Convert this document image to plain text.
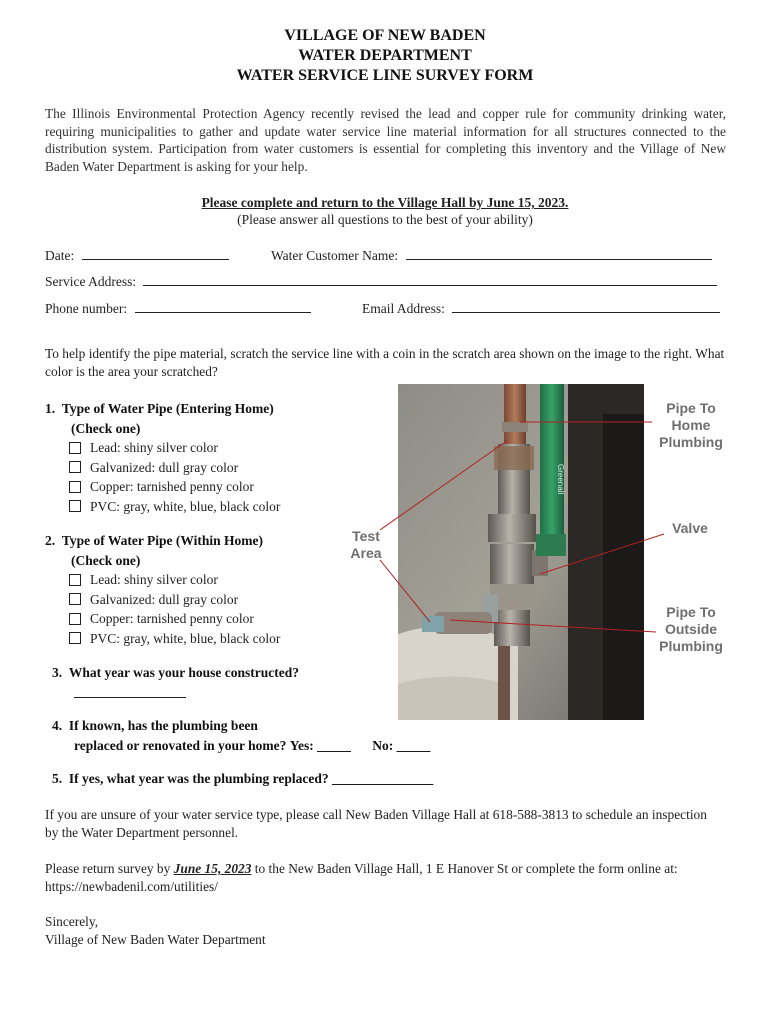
VILLAGE OF NEW BADEN
WATER DEPARTMENT
WATER SERVICE LINE SURVEY FORM
The Illinois Environmental Protection Agency recently revised the lead and copper rule for community drinking water, requiring municipalities to gather and update water service line material information for all structures connected to the distribution system. Participation from water customers is essential for completing this inventory and the Village of New Baden Water Department is asking for your help.
Please complete and return to the Village Hall by June 15, 2023.
(Please answer all questions to the best of your ability)
Date:	Water Customer Name:
Service Address:
Phone number:	Email Address:
To help identify the pipe material, scratch the service line with a coin in the scratch area shown on the image to the right. What color is the area your scratched?
1. Type of Water Pipe (Entering Home)
(Check one)
Lead: shiny silver color
Galvanized: dull gray color
Copper: tarnished penny color
PVC: gray, white, blue, black color
2. Type of Water Pipe (Within Home)
(Check one)
Lead: shiny silver color
Galvanized: dull gray color
Copper: tarnished penny color
PVC: gray, white, blue, black color
3. What year was your house constructed?
4. If known, has the plumbing been
replaced or renovated in your home? Yes: _____ No: _____
5. If yes, what year was the plumbing replaced? _______________
Greenall
Pipe To
Home
Plumbing
Valve
Test
Area
Pipe To
Outside
Plumbing
If you are unsure of your water service type, please call New Baden Village Hall at 618-588-3813 to schedule an inspection by the Water Department personnel.
Please return survey by June 15, 2023 to the New Baden Village Hall, 1 E Hanover St or complete the form online at: https://newbadenil.com/utilities/
Sincerely,
Village of New Baden Water Department
